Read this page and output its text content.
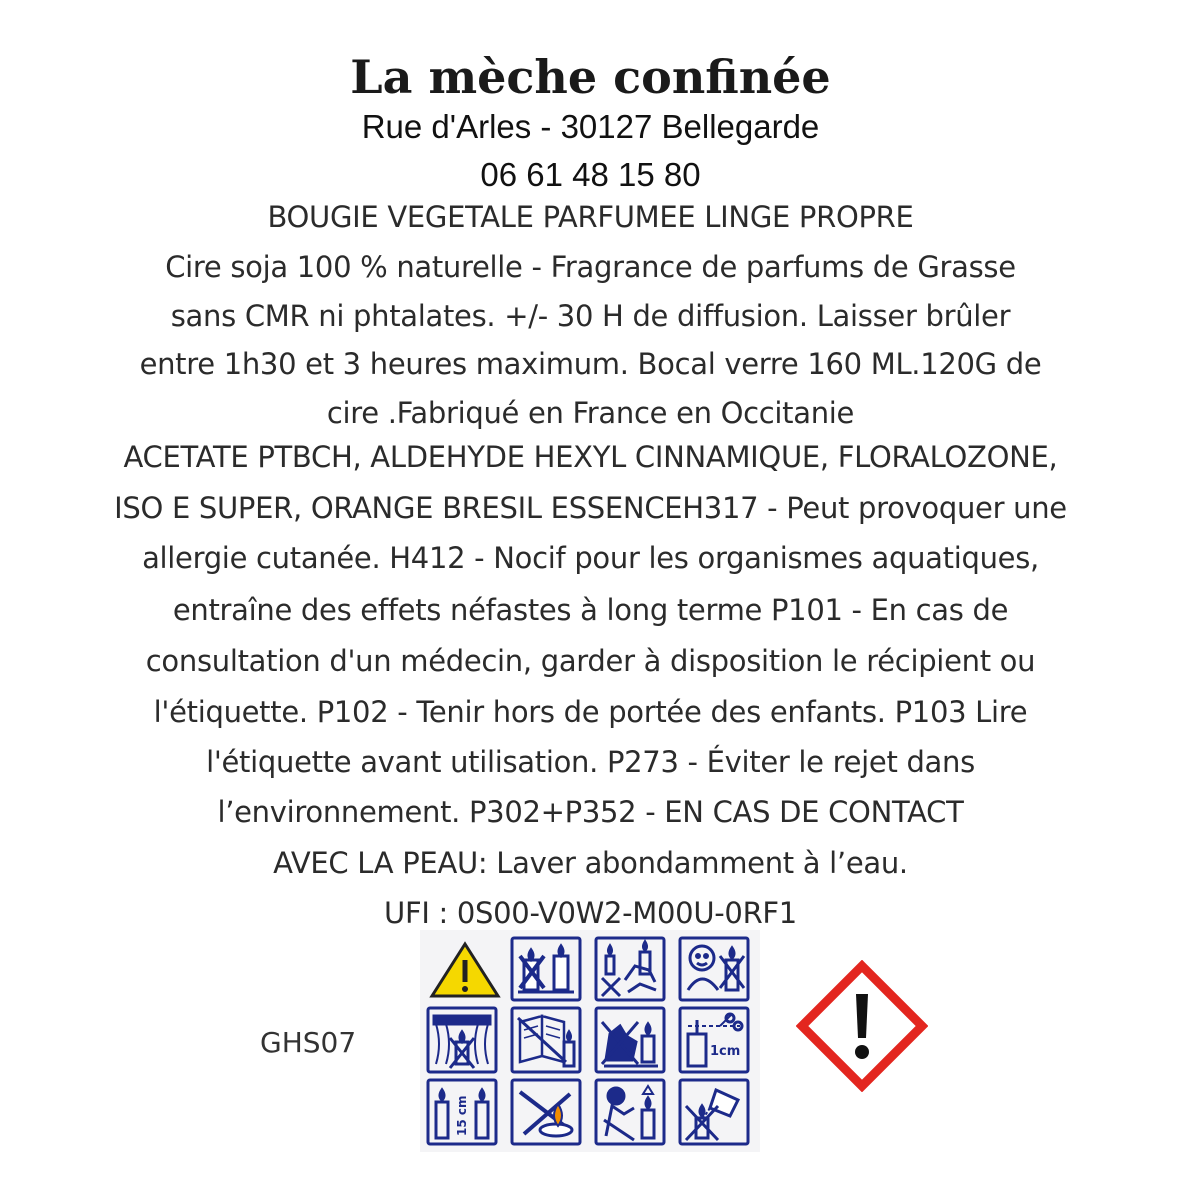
La mèche confinée
Rue d'Arles - 30127 Bellegarde
06 61 48 15 80
BOUGIE VEGETALE PARFUMEE LINGE PROPRE
Cire soja 100 % naturelle - Fragrance de parfums de Grasse
sans CMR ni phtalates. +/- 30 H de diffusion. Laisser brûler
entre 1h30 et 3 heures maximum. Bocal verre 160 ML.120G de
cire .Fabriqué en France en Occitanie
ACETATE PTBCH, ALDEHYDE HEXYL CINNAMIQUE, FLORALOZONE,
ISO E SUPER, ORANGE BRESIL ESSENCEH317 - Peut provoquer une
allergie cutanée. H412 - Nocif pour les organismes aquatiques,
entraîne des effets néfastes à long terme P101 - En cas de
consultation d'un médecin, garder à disposition le récipient ou
l'étiquette. P102 - Tenir hors de portée des enfants. P103 Lire
l'étiquette avant utilisation. P273 - Éviter le rejet dans
l’environnement. P302+P352 - EN CAS DE CONTACT
AVEC LA PEAU: Laver abondamment à l’eau.
UFI : 0S00-V0W2-M00U-0RF1
GHS07	1cm
15 cm
